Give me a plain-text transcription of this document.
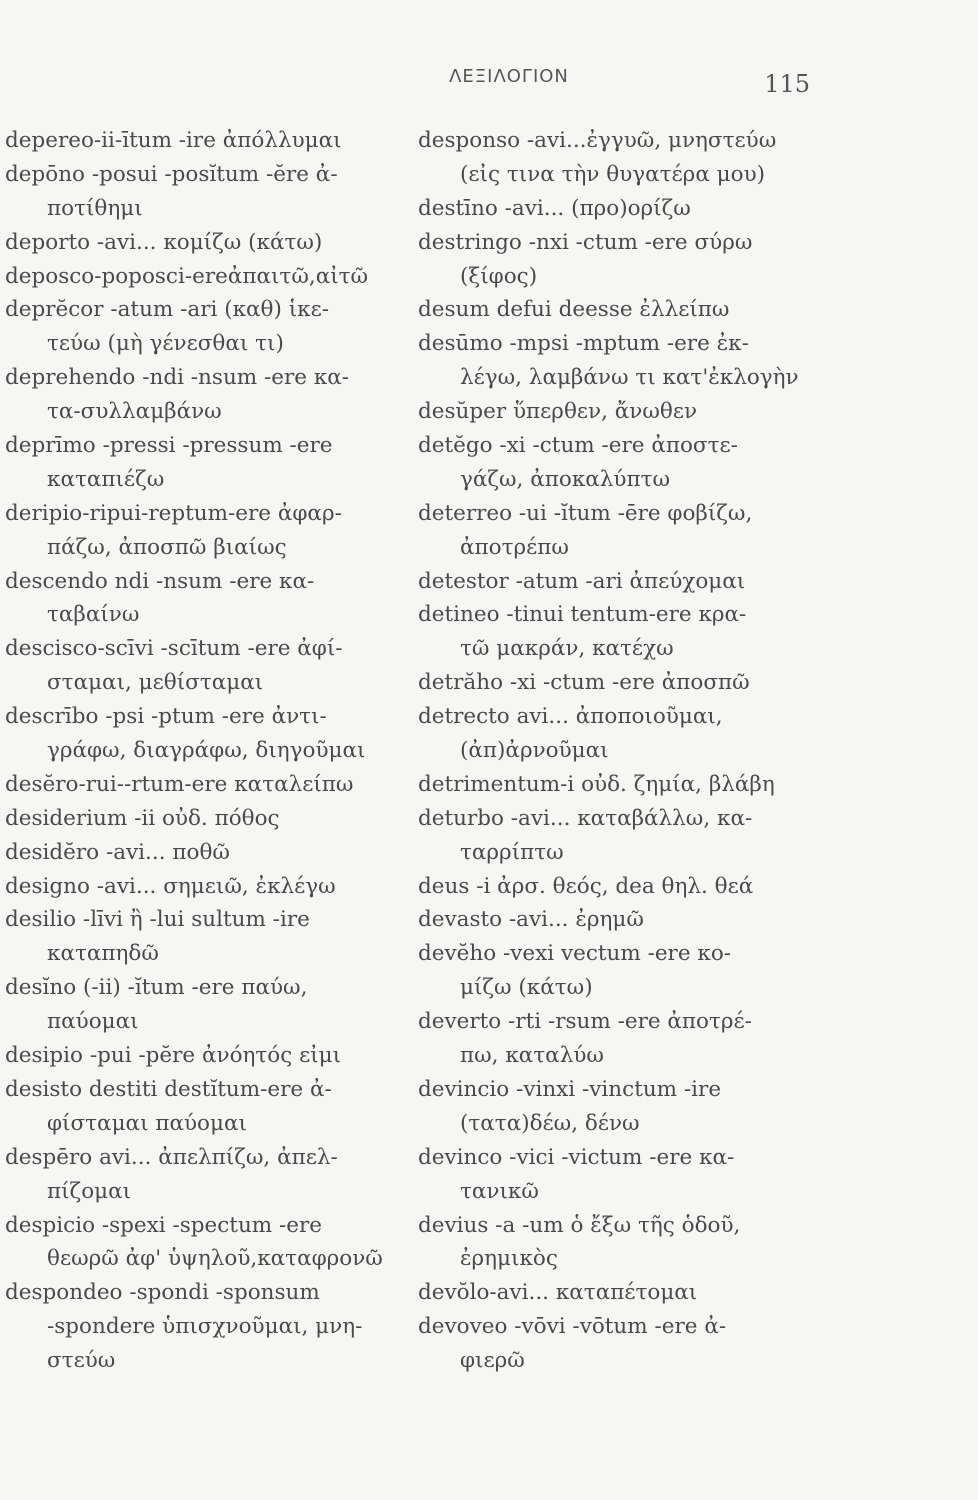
ΛΕΞΙΛΟΓΙΟΝ	115
depereo-ii-ītum -ire ἀπόλλυμαι
depōno -posui -posĭtum -ĕre ἀ-
ποτίθημι
deporto -avi... κομίζω (κάτω)
deposco-poposci-ereἀπαιτῶ,αἰτῶ
deprĕcor -atum -ari (καθ) ἱκε-
τεύω (μὴ γένεσθαι τι)
deprehendo -ndi -nsum -ere κα-
τα-συλλαμβάνω
deprīmo -pressi -pressum -ere
καταπιέζω
deripio-ripui-reptum-ere ἀφαρ-
πάζω, ἀποσπῶ βιαίως
descendo ndi -nsum -ere κα-
ταβαίνω
descisco-scīvi -scītum -ere ἀφί-
σταμαι, μεθίσταμαι
descrībo -psi -ptum -ere ἀντι-
γράφω, διαγράφω, διηγοῦμαι
desĕro-rui--rtum-ere καταλείπω
desiderium -ii οὐδ. πόθος
desidĕro -avi... ποθῶ
designo -avi... σημειῶ, ἐκλέγω
desilio -līvi ἢ -lui sultum -ire
καταπηδῶ
desĭno (-ii) -ĭtum -ere παύω,
παύομαι
desipio -pui -pĕre ἀνόητός εἰμι
desisto destiti destĭtum-ere ἀ-
φίσταμαι παύομαι
despēro avi... ἀπελπίζω, ἀπελ-
πίζομαι
despicio -spexi -spectum -ere
θεωρῶ ἀφ' ὑψηλοῦ,καταφρονῶ
despondeo -spondi -sponsum
-spondere ὑπισχνοῦμαι, μνη-
στεύω
desponso -avi...ἐγγυῶ, μνηστεύω
(εἰς τινα τὴν θυγατέρα μου)
destīno -avi... (προ)ορίζω
destringo -nxi -ctum -ere σύρω
(ξίφος)
desum defui deesse ἐλλείπω
desūmo -mpsi -mptum -ere ἐκ-
λέγω, λαμβάνω τι κατ'ἐκλογὴν
desŭper ὕπερθεν, ἄνωθεν
detĕgo -xi -ctum -ere ἀποστε-
γάζω, ἀποκαλύπτω
deterreo -ui -ĭtum -ēre φοβίζω,
ἀποτρέπω
detestor -atum -ari ἀπεύχομαι
detineo -tinui tentum-ere κρα-
τῶ μακράν, κατέχω
detrăho -xi -ctum -ere ἀποσπῶ
detrecto avi... ἀποποιοῦμαι,
(ἀπ)ἀρνοῦμαι
detrimentum-i οὐδ. ζημία, βλάβη
deturbo -avi... καταβάλλω, κα-
ταρρίπτω
deus -i ἀρσ. θεός, dea θηλ. θεά
devasto -avi... ἐρημῶ
devĕho -vexi vectum -ere κο-
μίζω (κάτω)
deverto -rti -rsum -ere ἀποτρέ-
πω, καταλύω
devincio -vinxi -vinctum -ire
(τατα)δέω, δένω
devinco -vici -victum -ere κα-
τανικῶ
devius -a -um ὁ ἔξω τῆς ὁδοῦ,
ἐρημικὸς
devŏlo-avi... καταπέτομαι
devoveo -vōvi -vōtum -ere ἀ-
φιερῶ
